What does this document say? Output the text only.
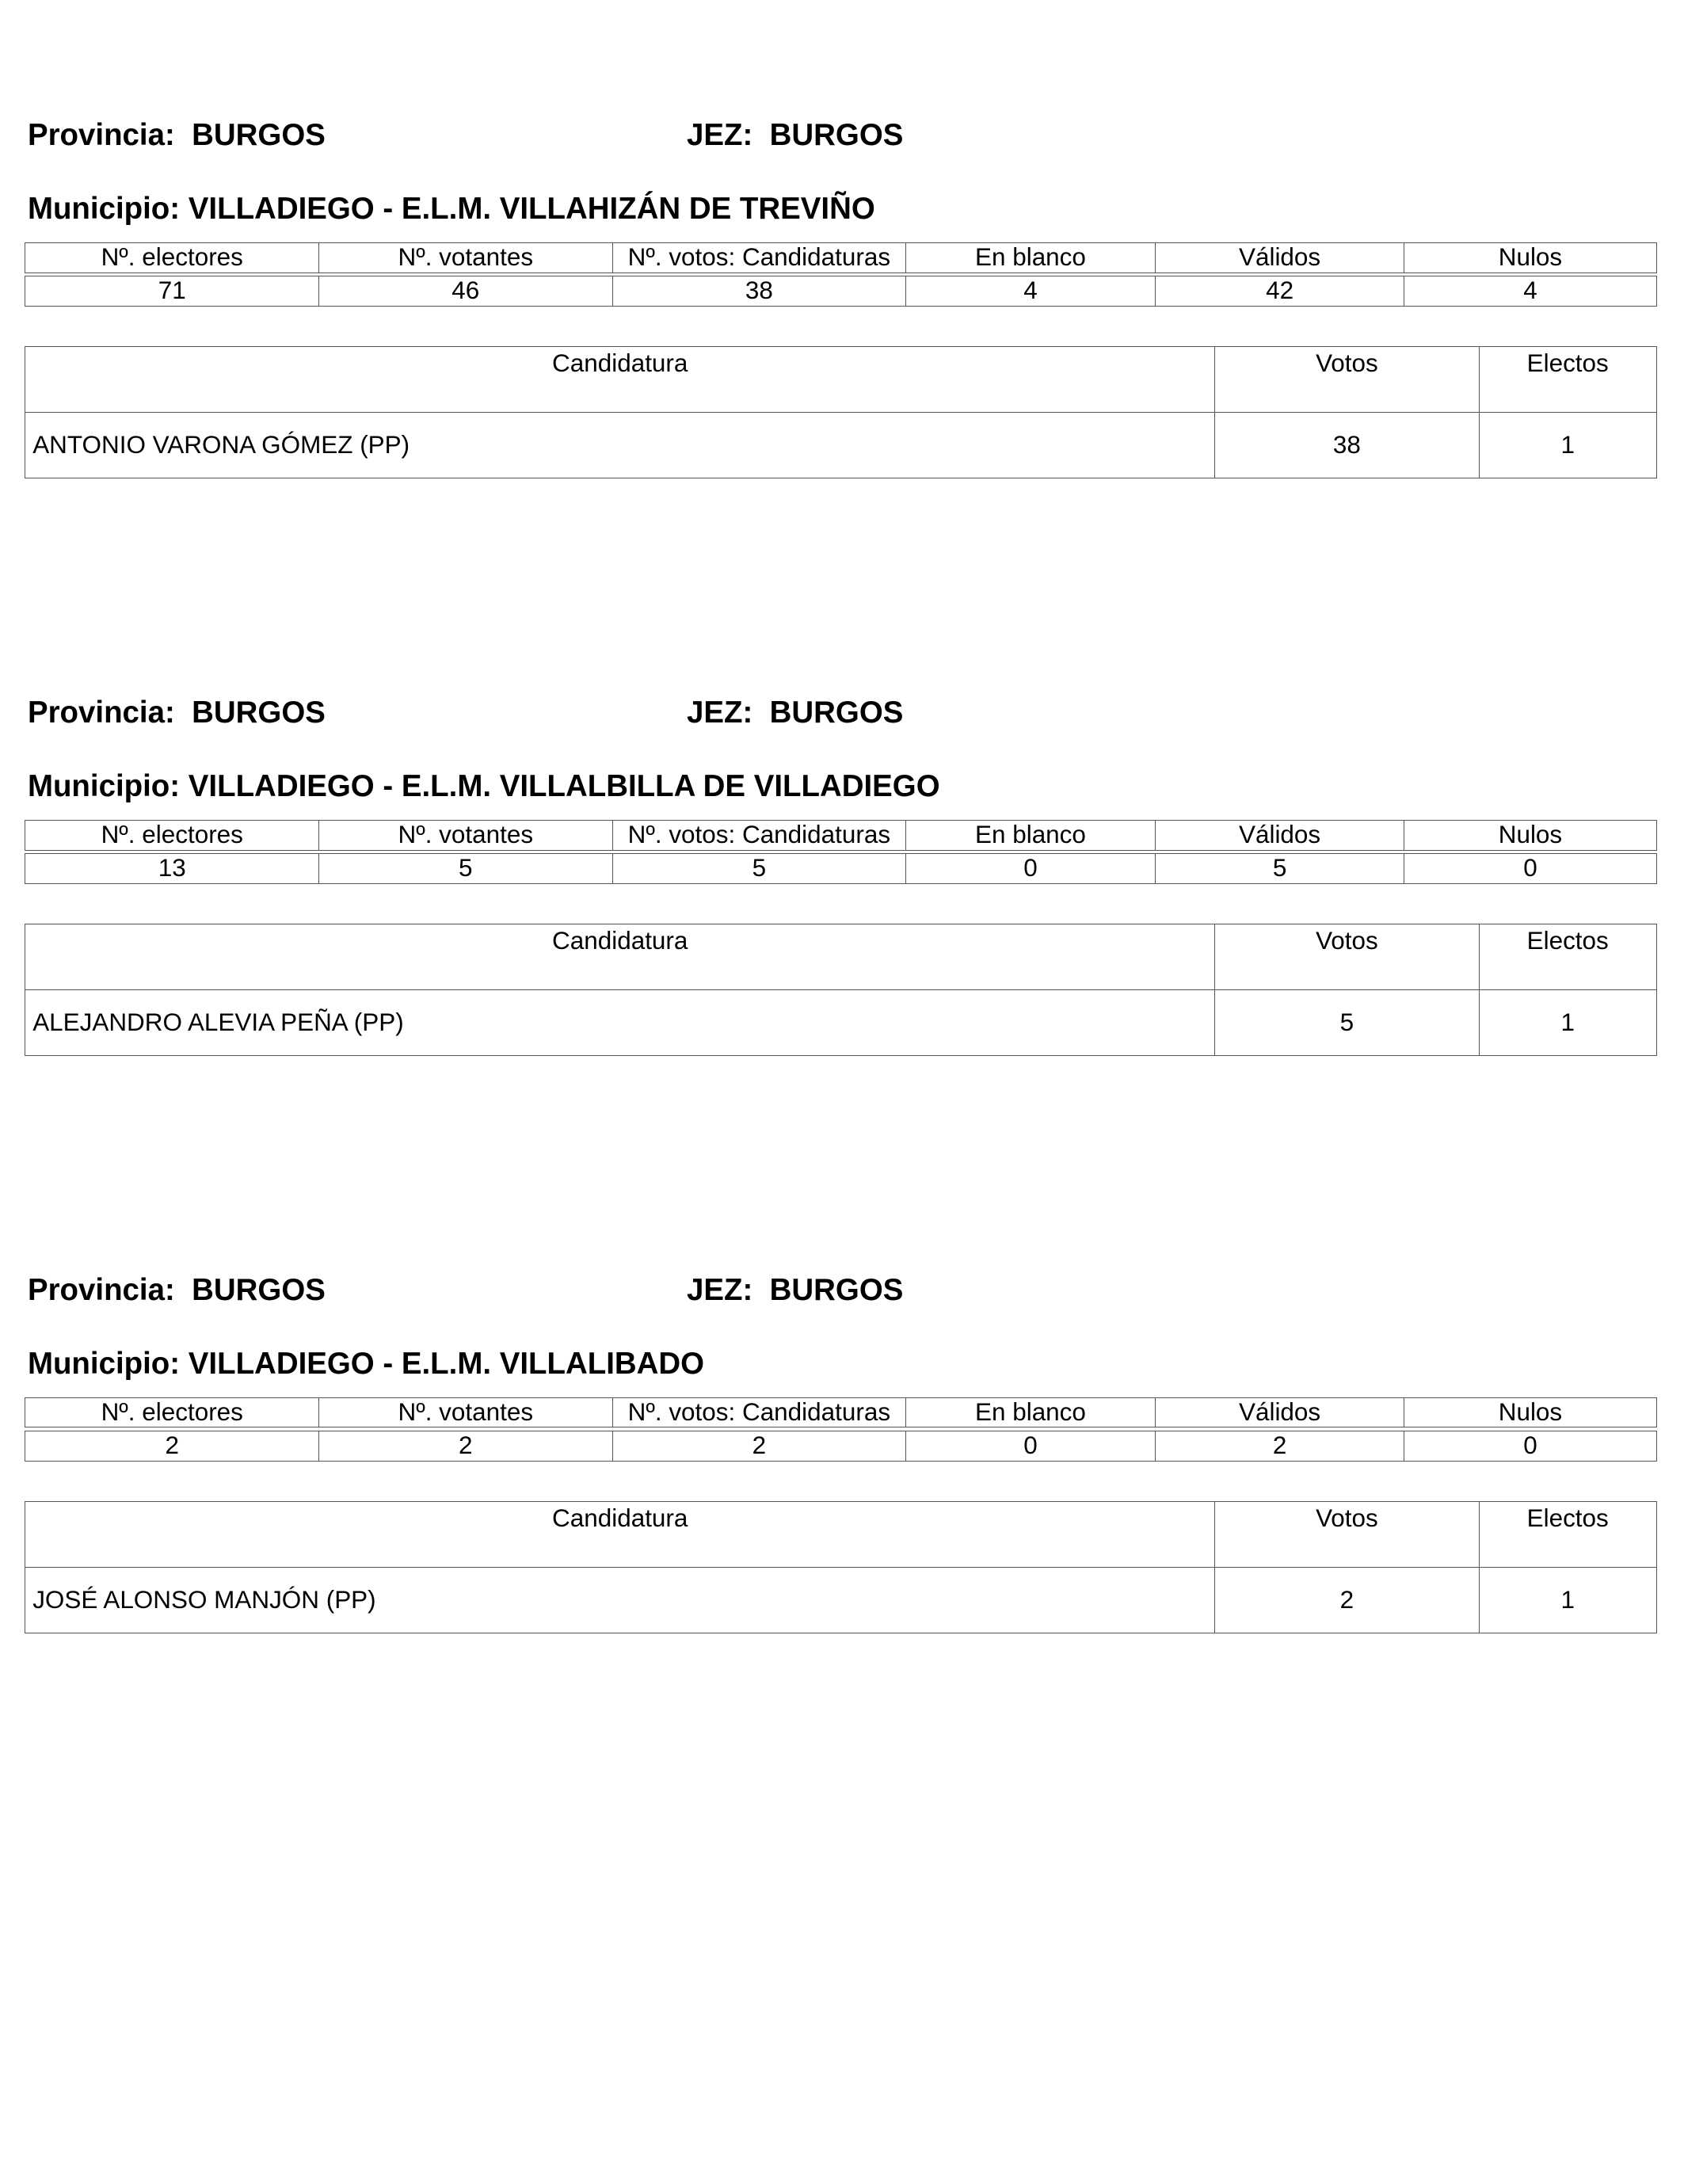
Provincia: BURGOS	JEZ: BURGOS
Municipio: VILLADIEGO - E.L.M. VILLAHIZÁN DE TREVIÑO
Nº. electores	Nº. votantes	Nº. votos: Candidaturas	En blanco	Válidos	Nulos

71	46	38	4	42	4
Candidatura	Votos	Electos
ANTONIO VARONA GÓMEZ (PP)	38	1
Provincia: BURGOS	JEZ: BURGOS
Municipio: VILLADIEGO - E.L.M. VILLALBILLA DE VILLADIEGO
Nº. electores	Nº. votantes	Nº. votos: Candidaturas	En blanco	Válidos	Nulos

13	5	5	0	5	0
Candidatura	Votos	Electos
ALEJANDRO ALEVIA PEÑA (PP)	5	1
Provincia: BURGOS	JEZ: BURGOS
Municipio: VILLADIEGO - E.L.M. VILLALIBADO
Nº. electores	Nº. votantes	Nº. votos: Candidaturas	En blanco	Válidos	Nulos

2	2	2	0	2	0
Candidatura	Votos	Electos
JOSÉ ALONSO MANJÓN (PP)	2	1
